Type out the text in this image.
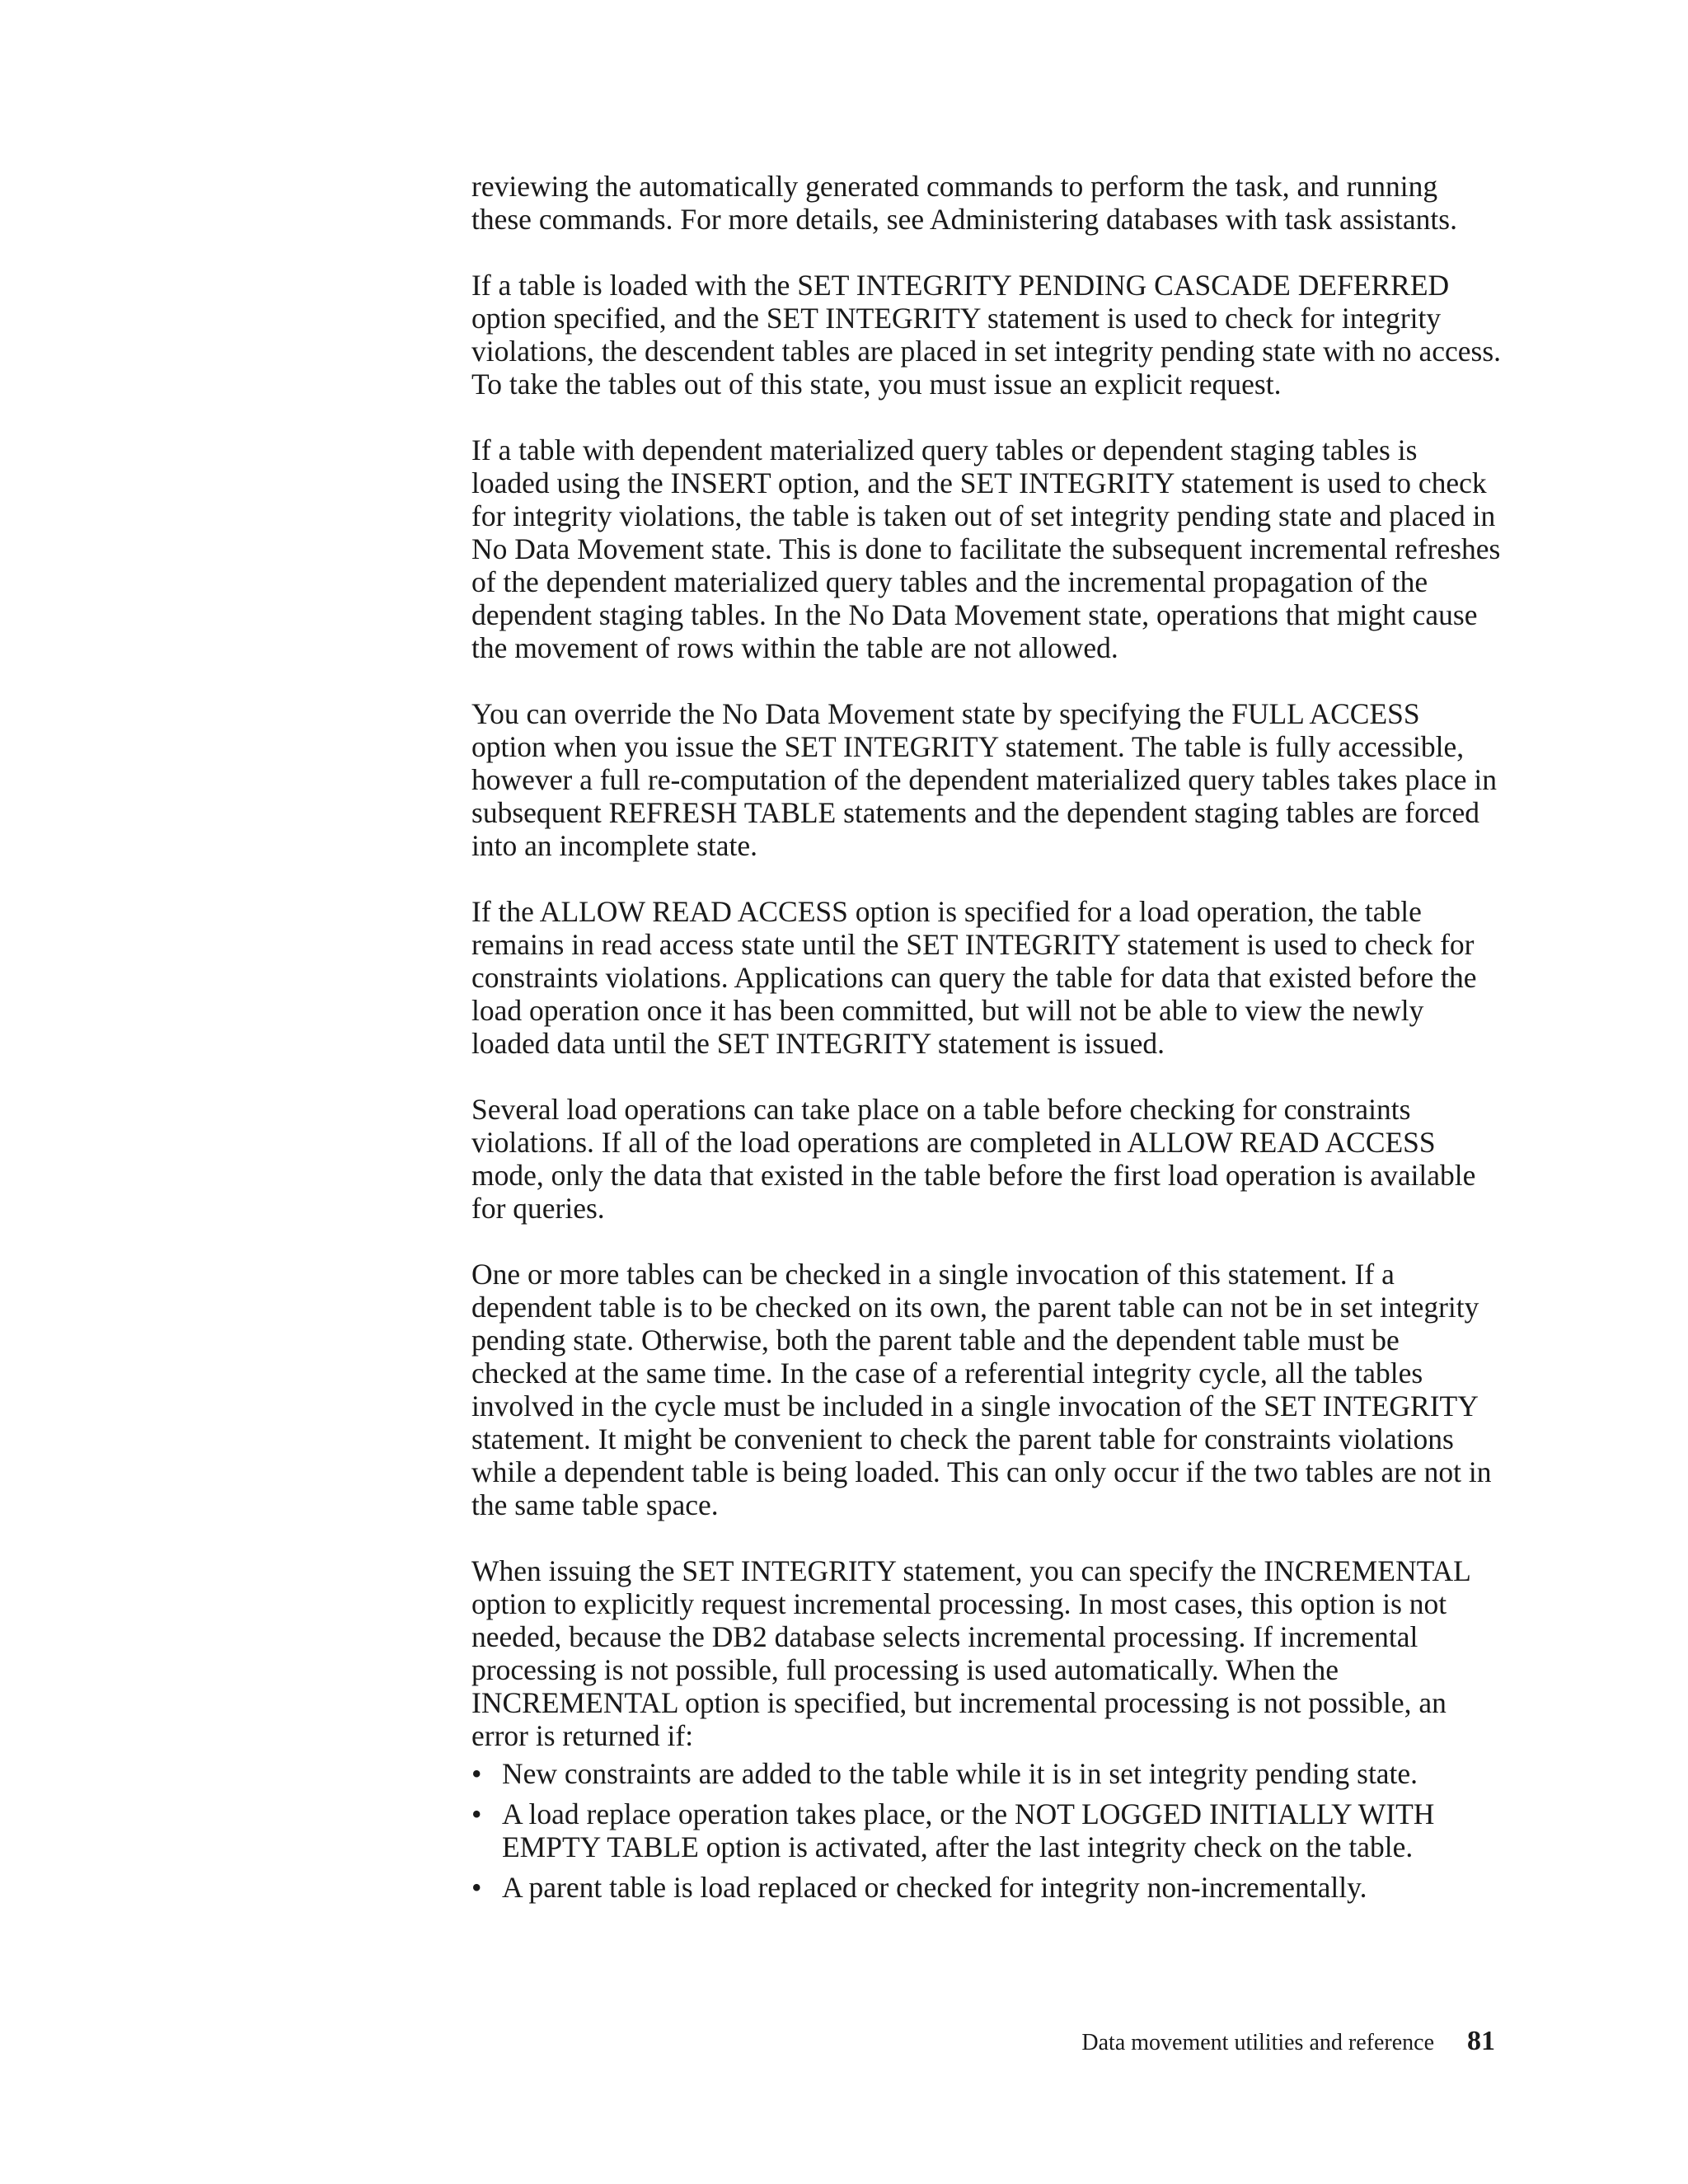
reviewing the automatically generated commands to perform the task, and running these commands. For more details, see Administering databases with task assistants.

If a table is loaded with the SET INTEGRITY PENDING CASCADE DEFERRED option specified, and the SET INTEGRITY statement is used to check for integrity violations, the descendent tables are placed in set integrity pending state with no access. To take the tables out of this state, you must issue an explicit request.

If a table with dependent materialized query tables or dependent staging tables is loaded using the INSERT option, and the SET INTEGRITY statement is used to check for integrity violations, the table is taken out of set integrity pending state and placed in No Data Movement state. This is done to facilitate the subsequent incremental refreshes of the dependent materialized query tables and the incremental propagation of the dependent staging tables. In the No Data Movement state, operations that might cause the movement of rows within the table are not allowed.

You can override the No Data Movement state by specifying the FULL ACCESS option when you issue the SET INTEGRITY statement. The table is fully accessible, however a full re-computation of the dependent materialized query tables takes place in subsequent REFRESH TABLE statements and the dependent staging tables are forced into an incomplete state.

If the ALLOW READ ACCESS option is specified for a load operation, the table remains in read access state until the SET INTEGRITY statement is used to check for constraints violations. Applications can query the table for data that existed before the load operation once it has been committed, but will not be able to view the newly loaded data until the SET INTEGRITY statement is issued.

Several load operations can take place on a table before checking for constraints violations. If all of the load operations are completed in ALLOW READ ACCESS mode, only the data that existed in the table before the first load operation is available for queries.

One or more tables can be checked in a single invocation of this statement. If a dependent table is to be checked on its own, the parent table can not be in set integrity pending state. Otherwise, both the parent table and the dependent table must be checked at the same time. In the case of a referential integrity cycle, all the tables involved in the cycle must be included in a single invocation of the SET INTEGRITY statement. It might be convenient to check the parent table for constraints violations while a dependent table is being loaded. This can only occur if the two tables are not in the same table space.

When issuing the SET INTEGRITY statement, you can specify the INCREMENTAL option to explicitly request incremental processing. In most cases, this option is not needed, because the DB2 database selects incremental processing. If incremental processing is not possible, full processing is used automatically. When the INCREMENTAL option is specified, but incremental processing is not possible, an error is returned if:

• New constraints are added to the table while it is in set integrity pending state.
• A load replace operation takes place, or the NOT LOGGED INITIALLY WITH EMPTY TABLE option is activated, after the last integrity check on the table.
• A parent table is load replaced or checked for integrity non-incrementally.
Data movement utilities and reference 81
